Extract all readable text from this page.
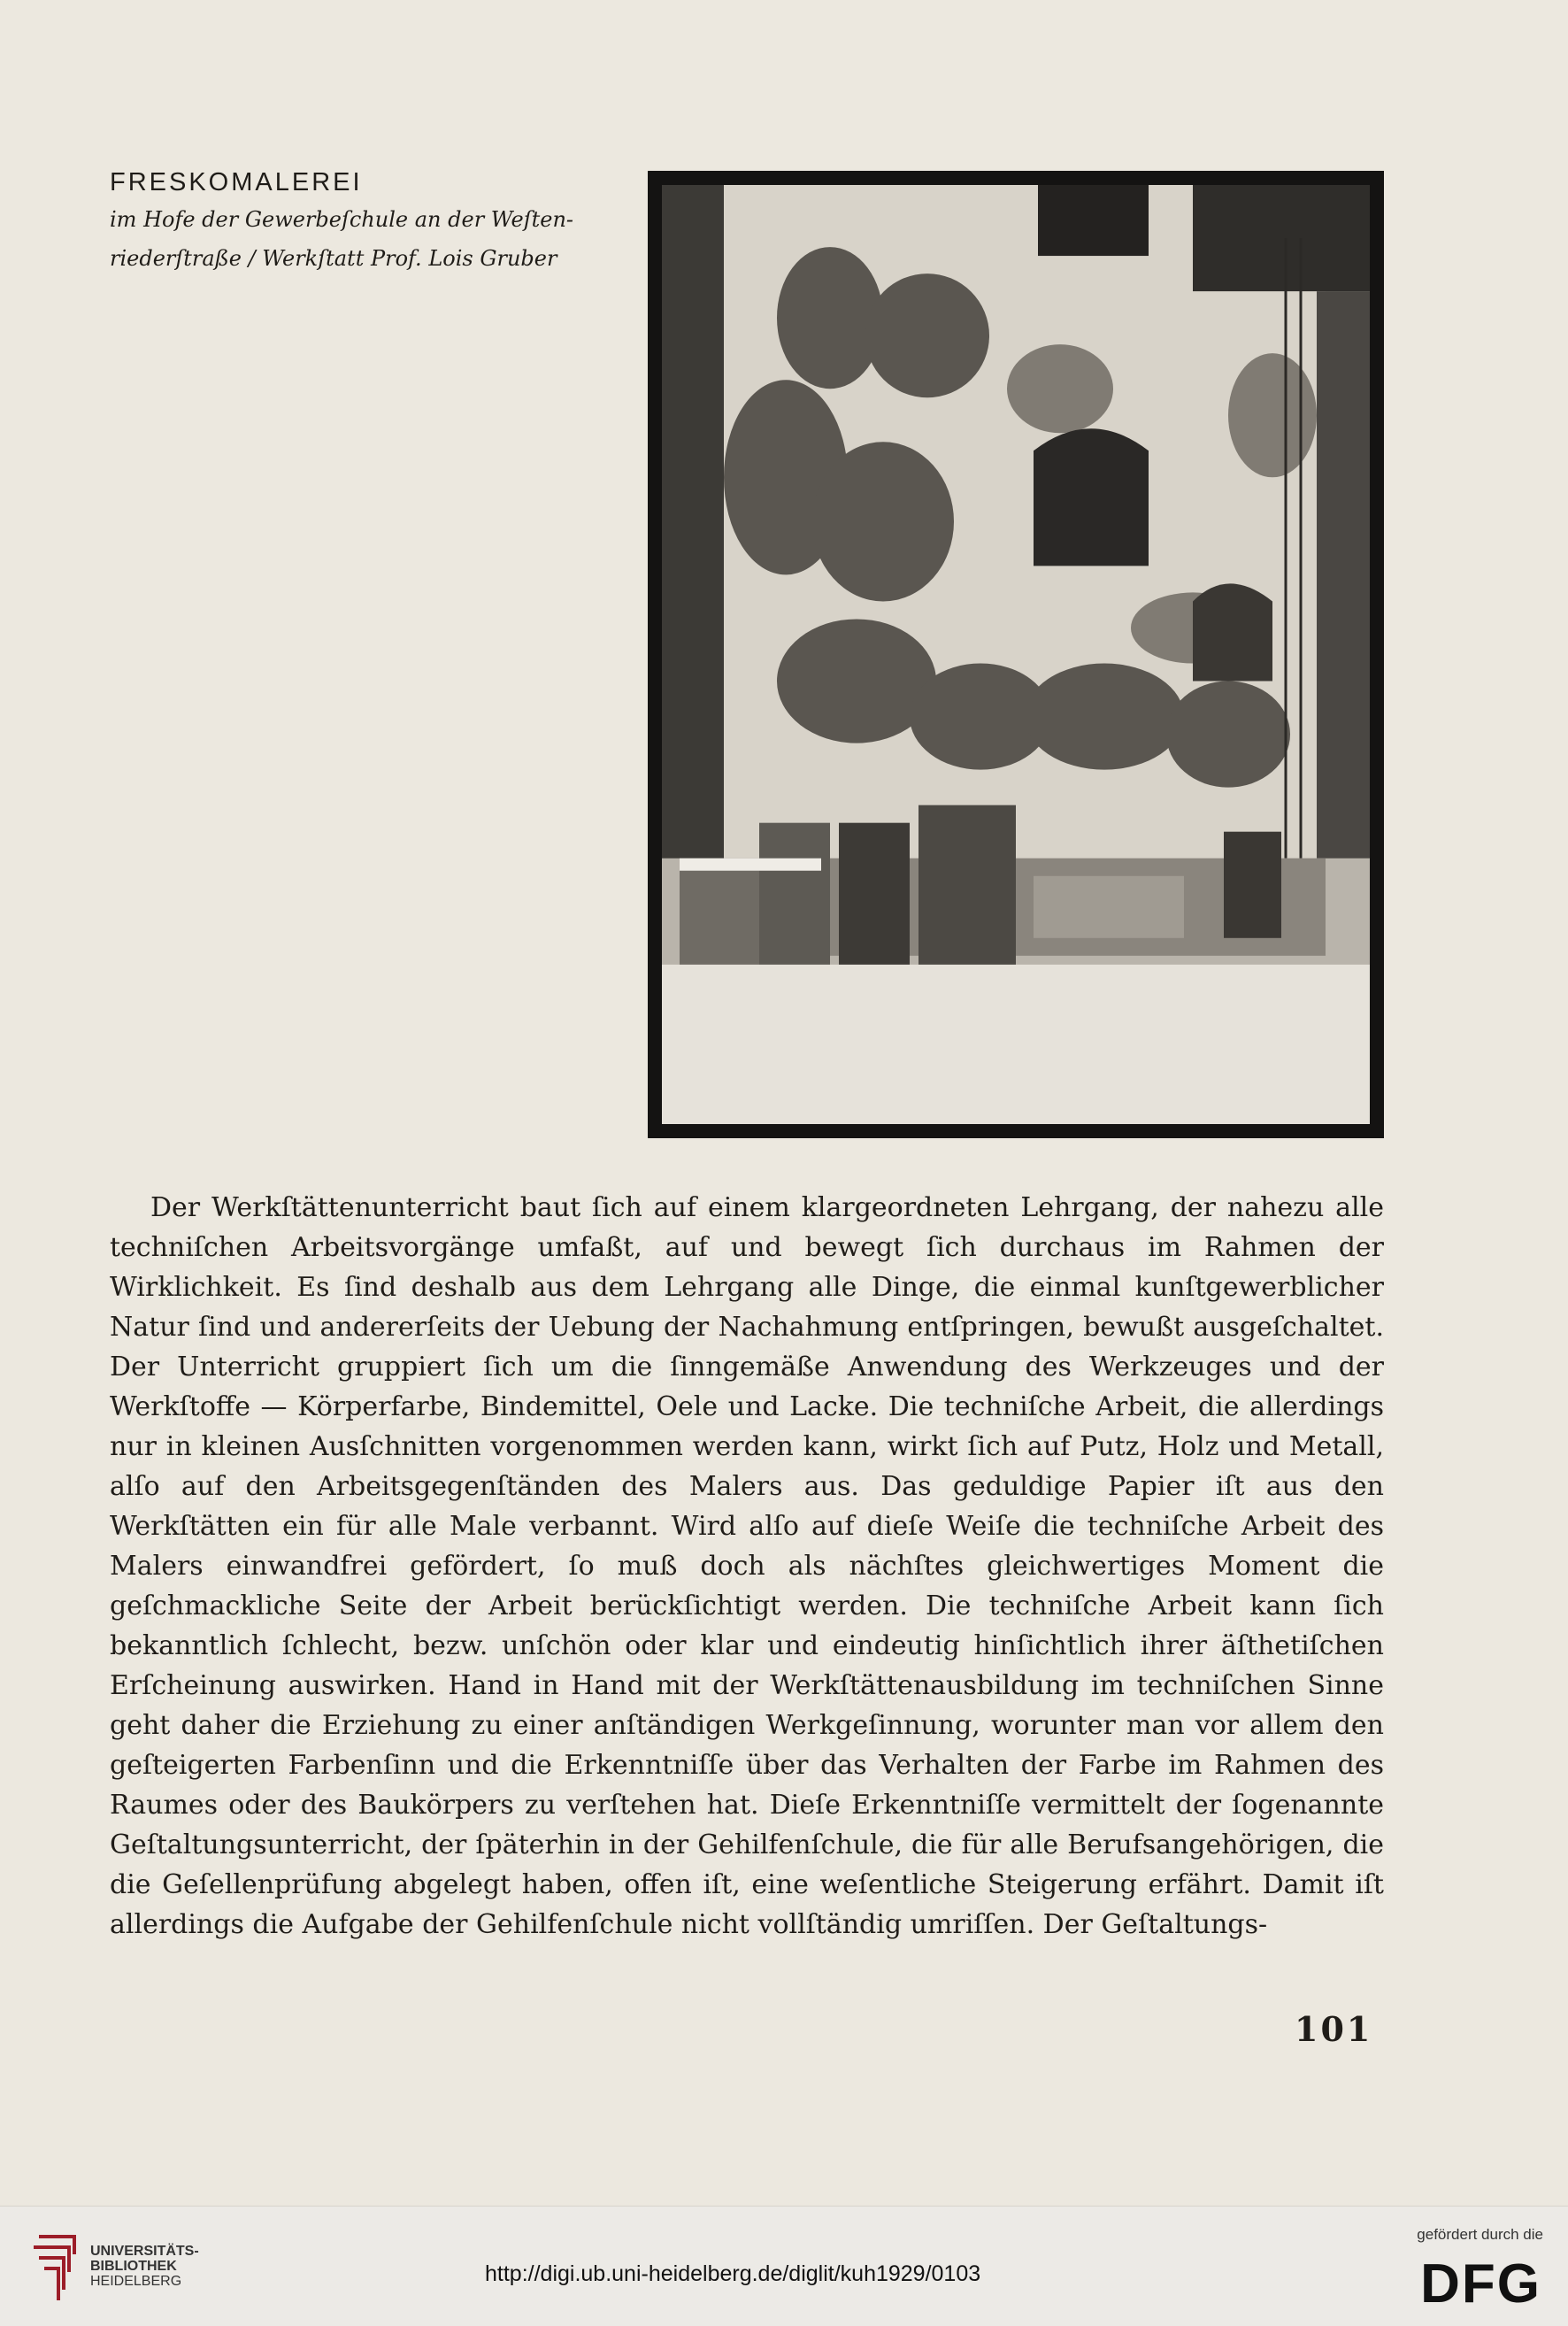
FRESKOMALEREI

im Hofe der Gewerbeſchule an der Weſten-

riederſtraße / Werkſtatt Prof. Lois Gruber

Der Werkſtättenunterricht baut ſich auf einem klargeordneten Lehrgang, der nahezu alle techniſchen Arbeitsvorgänge umfaßt, auf und bewegt ſich durchaus im Rahmen der Wirklichkeit. Es ſind deshalb aus dem Lehrgang alle Dinge, die einmal kunſtgewerblicher Natur ſind und andererſeits der Uebung der Nachahmung entſpringen, bewußt ausgeſchaltet. Der Unterricht gruppiert ſich um die ſinngemäße Anwendung des Werkzeuges und der Werkſtoffe — Körperfarbe, Bindemittel, Oele und Lacke. Die techniſche Arbeit, die allerdings nur in kleinen Ausſchnitten vorgenommen werden kann, wirkt ſich auf Putz, Holz und Metall, alſo auf den Arbeitsgegenſtänden des Malers aus. Das geduldige Papier iſt aus den Werkſtätten ein für alle Male verbannt. Wird alſo auf dieſe Weiſe die techniſche Arbeit des Malers einwandfrei gefördert, ſo muß doch als nächſtes gleichwertiges Moment die geſchmackliche Seite der Arbeit berückſichtigt werden. Die techniſche Arbeit kann ſich bekanntlich ſchlecht, bezw. unſchön oder klar und eindeutig hinſichtlich ihrer äſthetiſchen Erſcheinung auswirken. Hand in Hand mit der Werkſtättenausbildung im techniſchen Sinne geht daher die Erziehung zu einer anſtändigen Werkgeſinnung, worunter man vor allem den geſteigerten Farbenſinn und die Erkenntniſſe über das Verhalten der Farbe im Rahmen des Raumes oder des Baukörpers zu verſtehen hat. Dieſe Erkenntniſſe vermittelt der ſogenannte Geſtaltungsunterricht, der ſpäterhin in der Gehilfenſchule, die für alle Berufsangehörigen, die die Geſellenprüfung abgelegt haben, offen iſt, eine weſentliche Steigerung erfährt. Damit iſt allerdings die Aufgabe der Gehilfenſchule nicht vollſtändig umriſſen. Der Geſtaltungs-

101
UNIVERSITÄTS-
BIBLIOTHEK
HEIDELBERG	http://digi.ub.uni-heidelberg.de/diglit/kuh1929/0103
gefördert durch die
DFG
